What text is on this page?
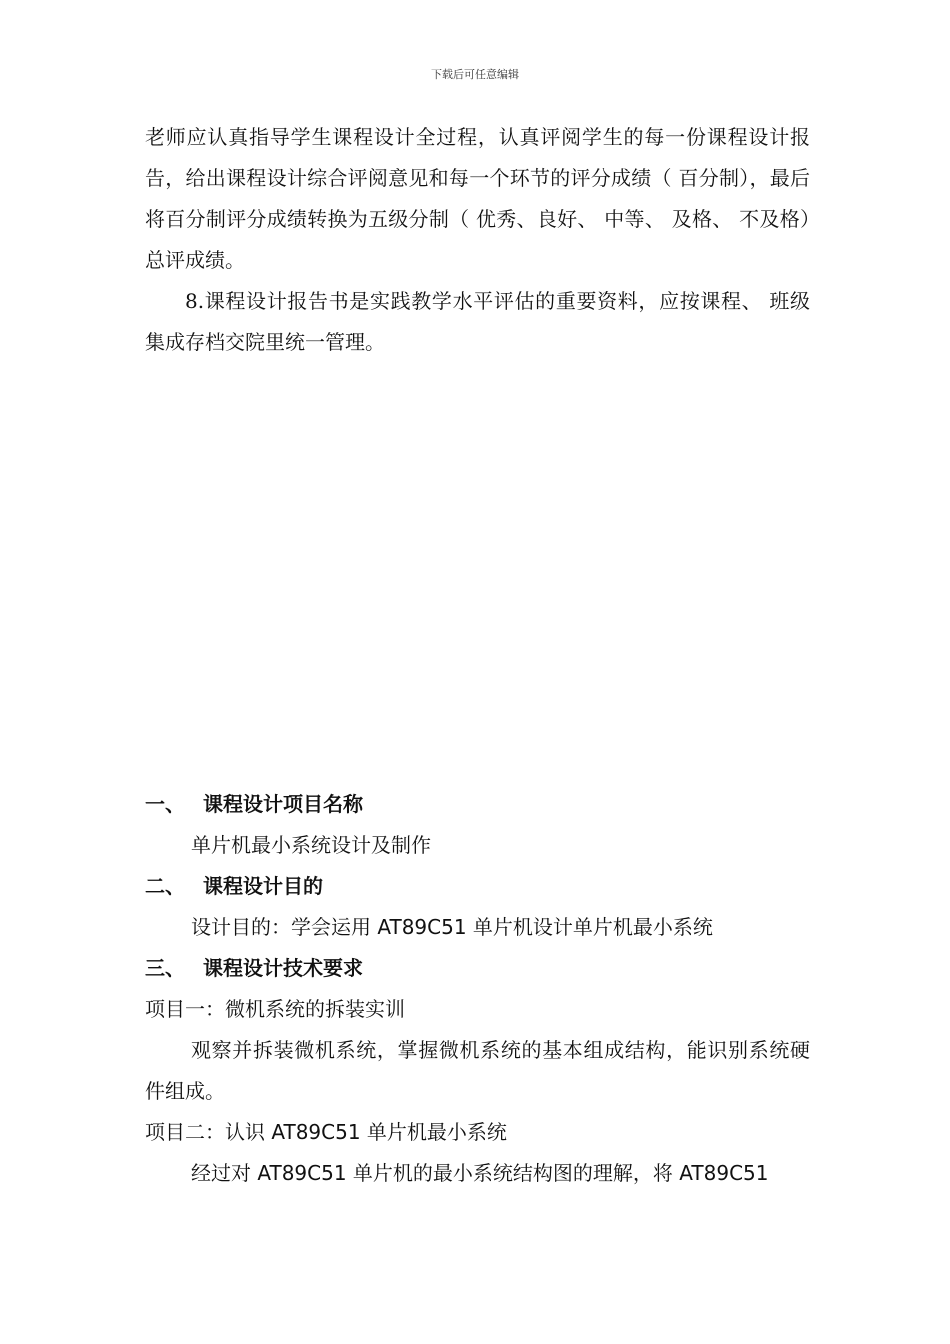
下载后可任意编辑

老师应认真指导学生课程设计全过程，认真评阅学生的每一份课程设计报告，给出课程设计综合评阅意见和每一个环节的评分成绩（ 百分制），最后将百分制评分成绩转换为五级分制（ 优秀、良好、 中等、 及格、 不及格）总评成绩。

8.课程设计报告书是实践教学水平评估的重要资料，应按课程、 班级集成存档交院里统一管理。

一、 课程设计项目名称

单片机最小系统设计及制作

二、 课程设计目的

设计目的：学会运用 AT89C51 单片机设计单片机最小系统

三、 课程设计技术要求

项目一：微机系统的拆装实训

观察并拆装微机系统，掌握微机系统的基本组成结构，能识别系统硬件组成。

项目二：认识 AT89C51 单片机最小系统

经过对 AT89C51 单片机的最小系统结构图的理解，将 AT89C51
